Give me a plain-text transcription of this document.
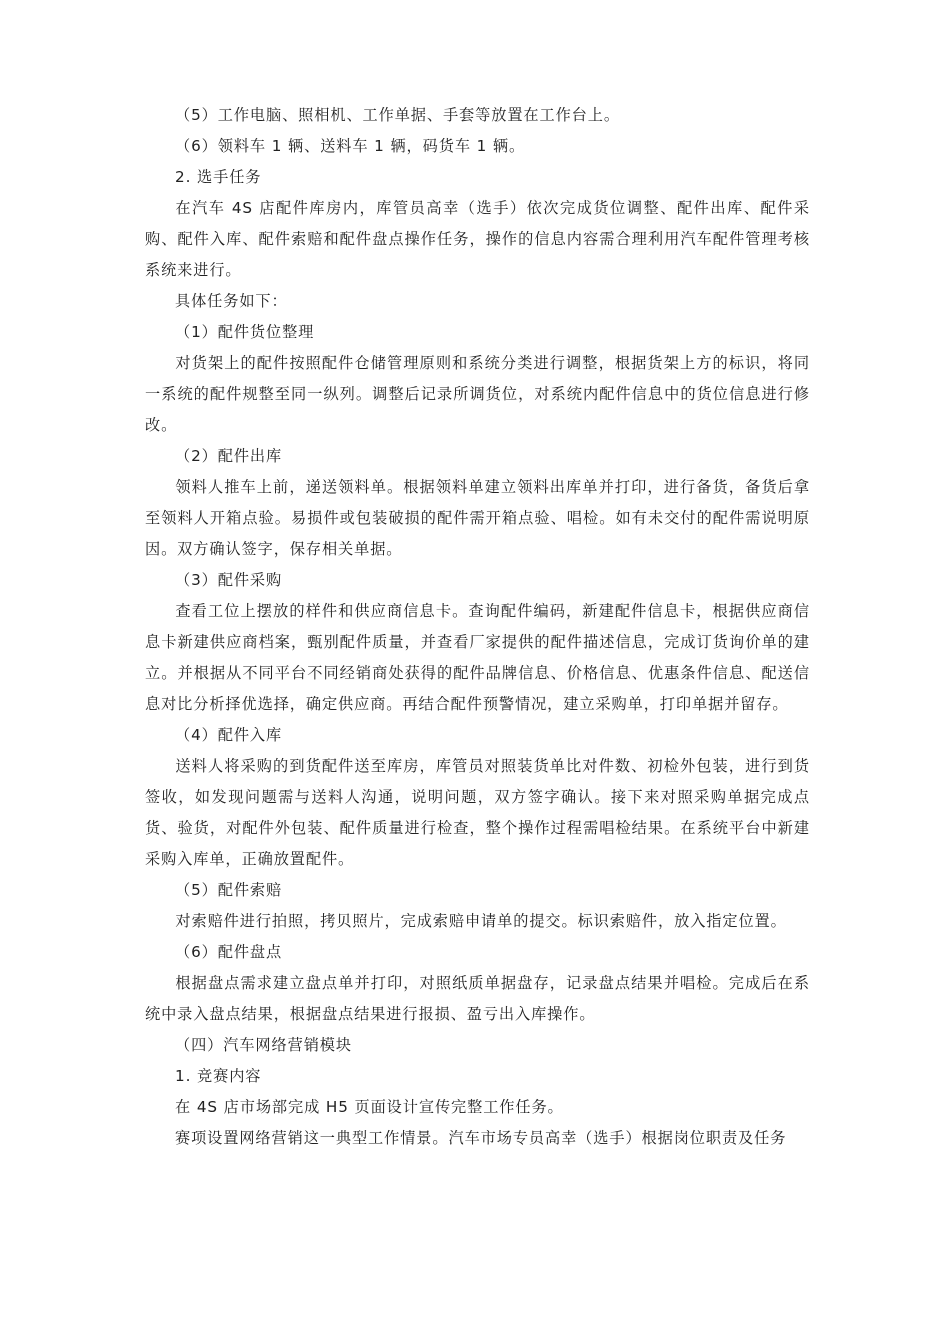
（5）工作电脑、照相机、工作单据、手套等放置在工作台上。
（6）领料车 1 辆、送料车 1 辆，码货车 1 辆。
2. 选手任务

在汽车 4S 店配件库房内，库管员高幸（选手）依次完成货位调整、配件出库、配件采购、配件入库、配件索赔和配件盘点操作任务，操作的信息内容需合理利用汽车配件管理考核系统来进行。

具体任务如下：
（1）配件货位整理

对货架上的配件按照配件仓储管理原则和系统分类进行调整，根据货架上方的标识，将同一系统的配件规整至同一纵列。调整后记录所调货位，对系统内配件信息中的货位信息进行修改。

（2）配件出库

领料人推车上前，递送领料单。根据领料单建立领料出库单并打印，进行备货，备货后拿至领料人开箱点验。易损件或包装破损的配件需开箱点验、唱检。如有未交付的配件需说明原因。双方确认签字，保存相关单据。

（3）配件采购

查看工位上摆放的样件和供应商信息卡。查询配件编码，新建配件信息卡，根据供应商信息卡新建供应商档案，甄别配件质量，并查看厂家提供的配件描述信息，完成订货询价单的建立。并根据从不同平台不同经销商处获得的配件品牌信息、价格信息、优惠条件信息、配送信息对比分析择优选择，确定供应商。再结合配件预警情况，建立采购单，打印单据并留存。

（4）配件入库

送料人将采购的到货配件送至库房，库管员对照装货单比对件数、初检外包装，进行到货签收，如发现问题需与送料人沟通，说明问题，双方签字确认。接下来对照采购单据完成点货、验货，对配件外包装、配件质量进行检查，整个操作过程需唱检结果。在系统平台中新建采购入库单，正确放置配件。

（5）配件索赔

对索赔件进行拍照，拷贝照片，完成索赔申请单的提交。标识索赔件，放入指定位置。

（6）配件盘点

根据盘点需求建立盘点单并打印，对照纸质单据盘存，记录盘点结果并唱检。完成后在系统中录入盘点结果，根据盘点结果进行报损、盈亏出入库操作。

（四）汽车网络营销模块
1. 竞赛内容
在 4S 店市场部完成 H5 页面设计宣传完整工作任务。
赛项设置网络营销这一典型工作情景。汽车市场专员高幸（选手）根据岗位职责及任务
